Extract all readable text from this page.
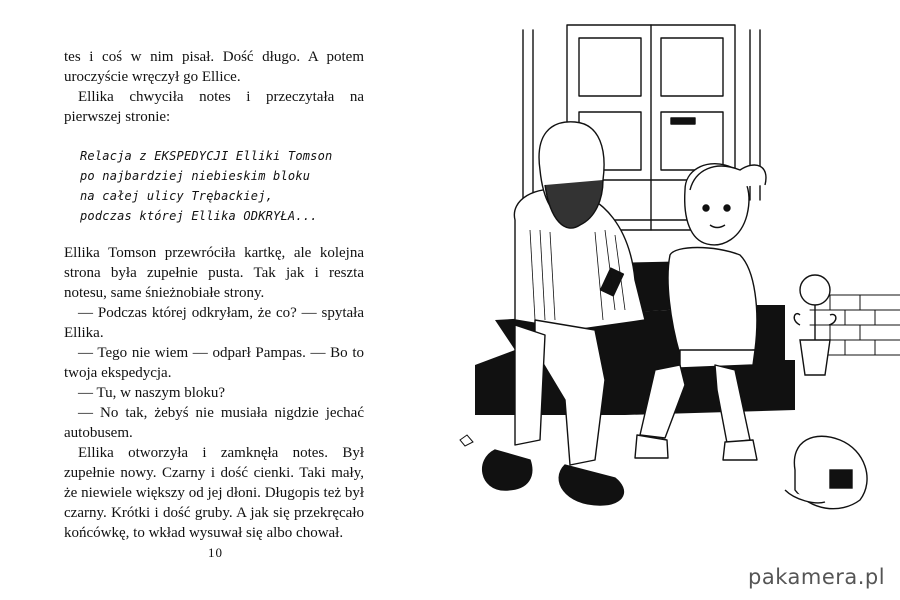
tes i coś w nim pisał. Dość długo. A potem uroczyście wręczył go Ellice.

Ellika chwyciła notes i przeczytała na pierwszej stronie:

Relacja z EKSPEDYCJI Elliki Tomson
po najbardziej niebieskim bloku
na całej ulicy Trębackiej,
podczas której Ellika ODKRYŁA...

Ellika Tomson przewróciła kartkę, ale kolejna strona była zupełnie pusta. Tak jak i reszta notesu, same śnieżnobiałe strony.

— Podczas której odkryłam, że co? — spytała Ellika.

— Tego nie wiem — odparł Pampas. — Bo to twoja ekspedycja.

— Tu, w naszym bloku?

— No tak, żebyś nie musiała nigdzie jechać autobusem.

Ellika otworzyła i zamknęła notes. Był zupełnie nowy. Czarny i dość cienki. Taki mały, że niewiele większy od jej dłoni. Długopis też był czarny. Krótki i dość gruby. A jak się przekręcało końcówkę, to wkład wysuwał się albo chował.

10
pakamera.pl
